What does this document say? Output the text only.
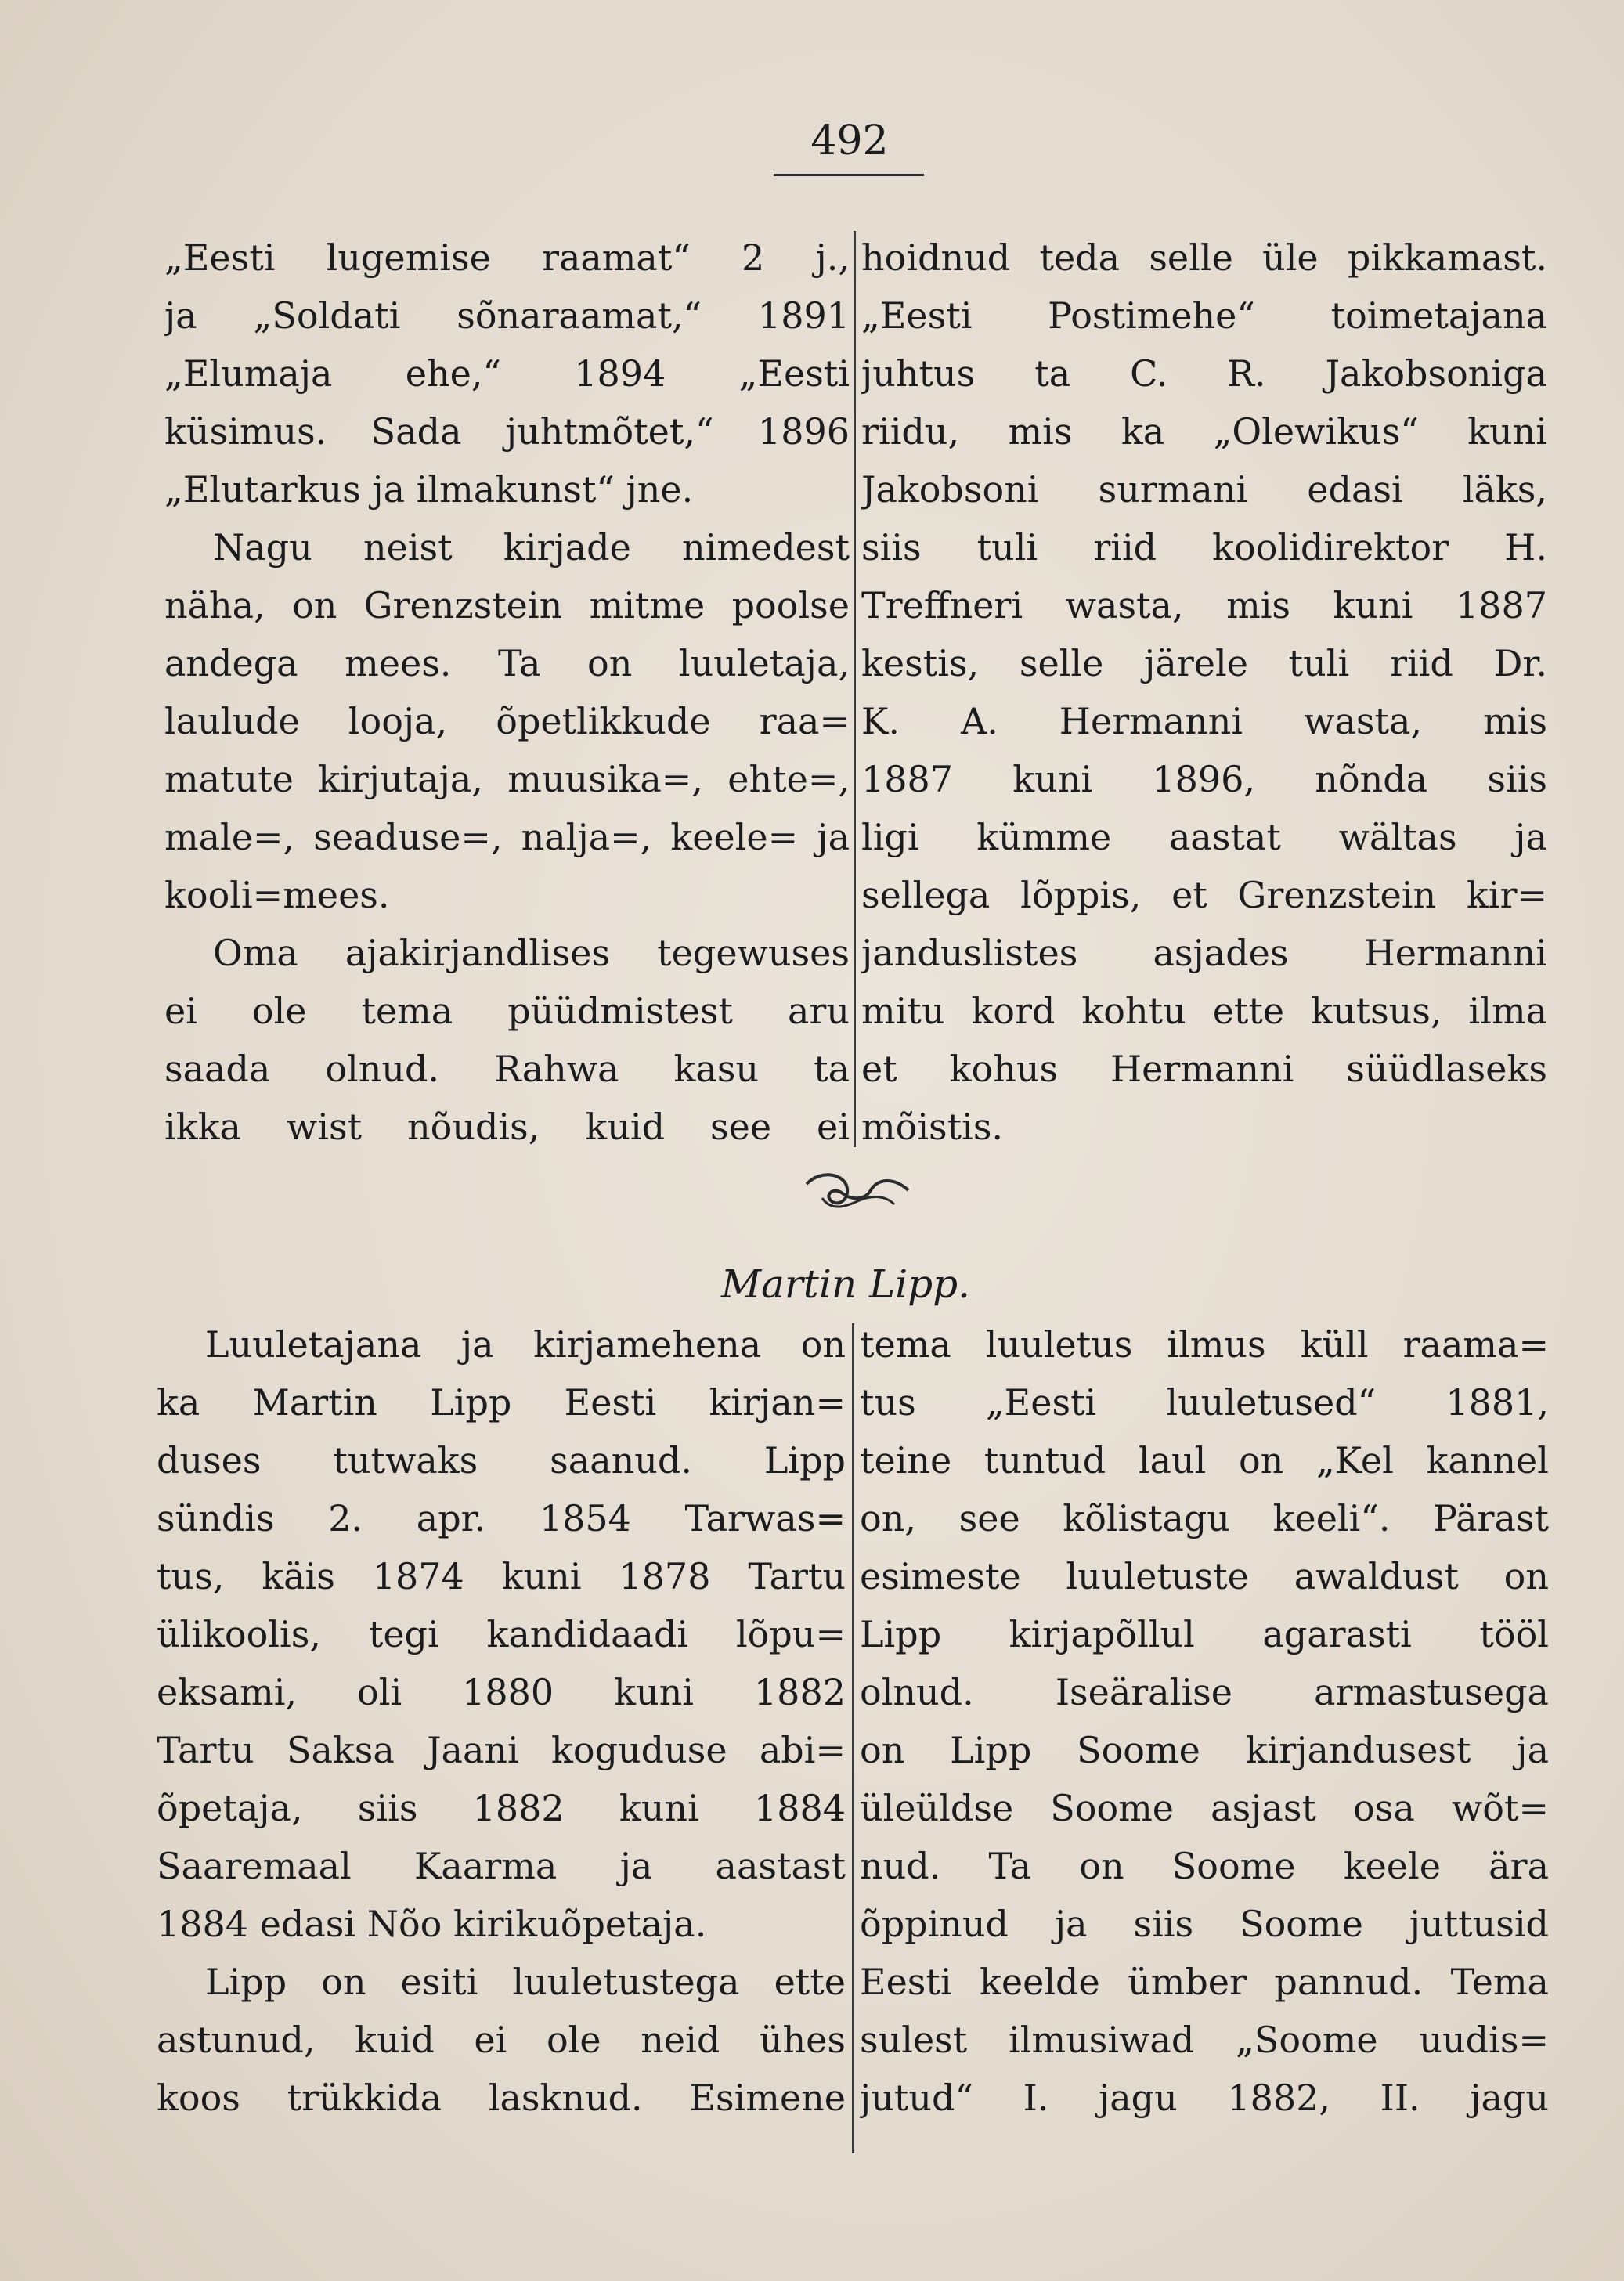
492

„Eesti lugemise raamat“ 2 j.,

ja „Soldati sõnaraamat,“ 1891

„Elumaja ehe,“ 1894 „Eesti

küsimus. Sada juhtmõtet,“ 1896

„Elutarkus ja ilmakunst“ jne.

Nagu neist kirjade nimedest

näha, on Grenzstein mitme poolse

andega mees. Ta on luuletaja,

laulude looja, õpetlikkude raa=

matute kirjutaja, muusika=, ehte=,

male=, seaduse=, nalja=, keele= ja

kooli=mees.

Oma ajakirjandlises tegewuses

ei ole tema püüdmistest aru

saada olnud. Rahwa kasu ta

ikka wist nõudis, kuid see ei

hoidnud teda selle üle pikkamast.

„Eesti Postimehe“ toimetajana

juhtus ta C. R. Jakobsoniga

riidu, mis ka „Olewikus“ kuni

Jakobsoni surmani edasi läks,

siis tuli riid koolidirektor H.

Treffneri wasta, mis kuni 1887

kestis, selle järele tuli riid Dr.

K. A. Hermanni wasta, mis

1887 kuni 1896, nõnda siis

ligi kümme aastat wältas ja

sellega lõppis, et Grenzstein kir=

janduslistes asjades Hermanni

mitu kord kohtu ette kutsus, ilma

et kohus Hermanni süüdlaseks

mõistis.

Martin Lipp.

Luuletajana ja kirjamehena on

ka Martin Lipp Eesti kirjan=

duses tutwaks saanud. Lipp

sündis 2. apr. 1854 Tarwas=

tus, käis 1874 kuni 1878 Tartu

ülikoolis, tegi kandidaadi lõpu=

eksami, oli 1880 kuni 1882

Tartu Saksa Jaani koguduse abi=

õpetaja, siis 1882 kuni 1884

Saaremaal Kaarma ja aastast

1884 edasi Nõo kirikuõpetaja.

Lipp on esiti luuletustega ette

astunud, kuid ei ole neid ühes

koos trükkida lasknud. Esimene

tema luuletus ilmus küll raama=

tus „Eesti luuletused“ 1881,

teine tuntud laul on „Kel kannel

on, see kõlistagu keeli“. Pärast

esimeste luuletuste awaldust on

Lipp kirjapõllul agarasti tööl

olnud. Iseäralise armastusega

on Lipp Soome kirjandusest ja

üleüldse Soome asjast osa wõt=

nud. Ta on Soome keele ära

õppinud ja siis Soome juttusid

Eesti keelde ümber pannud. Tema

sulest ilmusiwad „Soome uudis=

jutud“ I. jagu 1882, II. jagu
